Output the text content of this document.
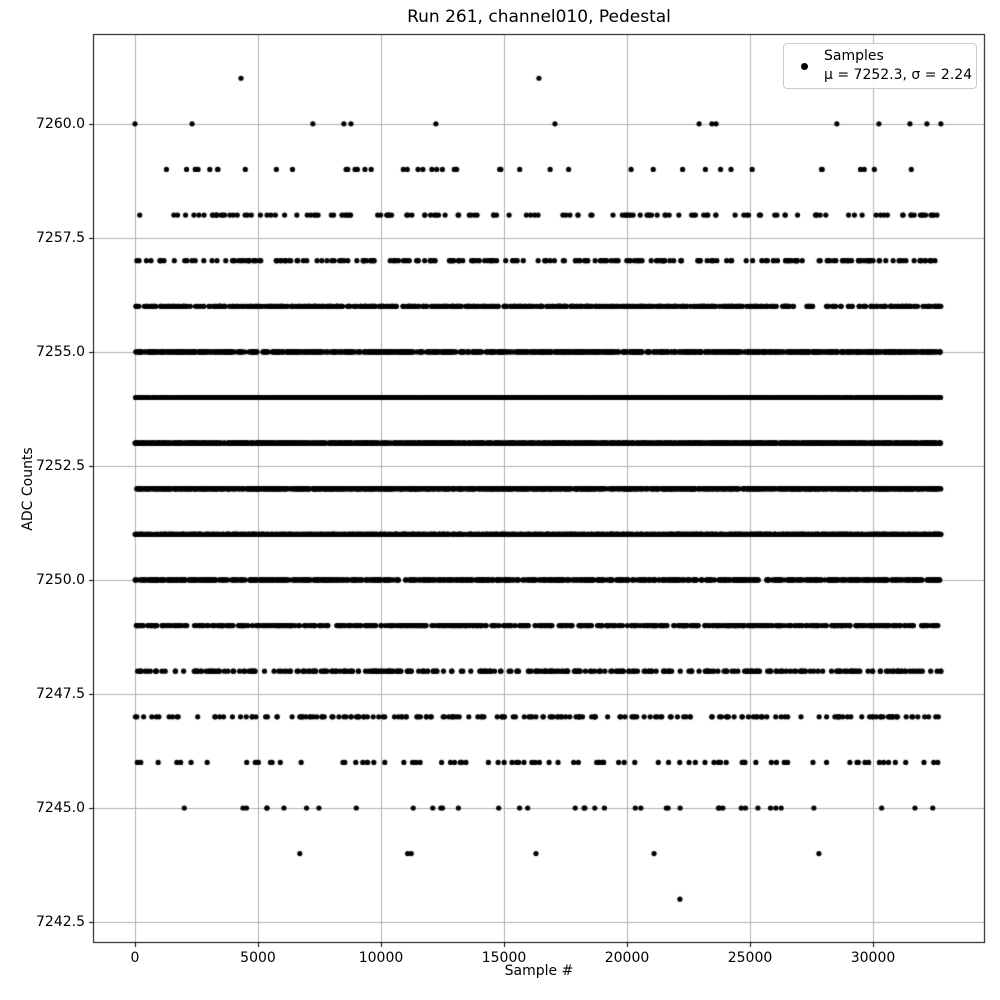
Run 261, channel010, Pedestal
Sample #
ADC Counts
7242.5
7245.0
7247.5
7250.0
7252.5
7255.0
7257.5
7260.0
0	5000	10000	15000	20000	25000	30000
Samples
μ = 7252.3, σ = 2.24
